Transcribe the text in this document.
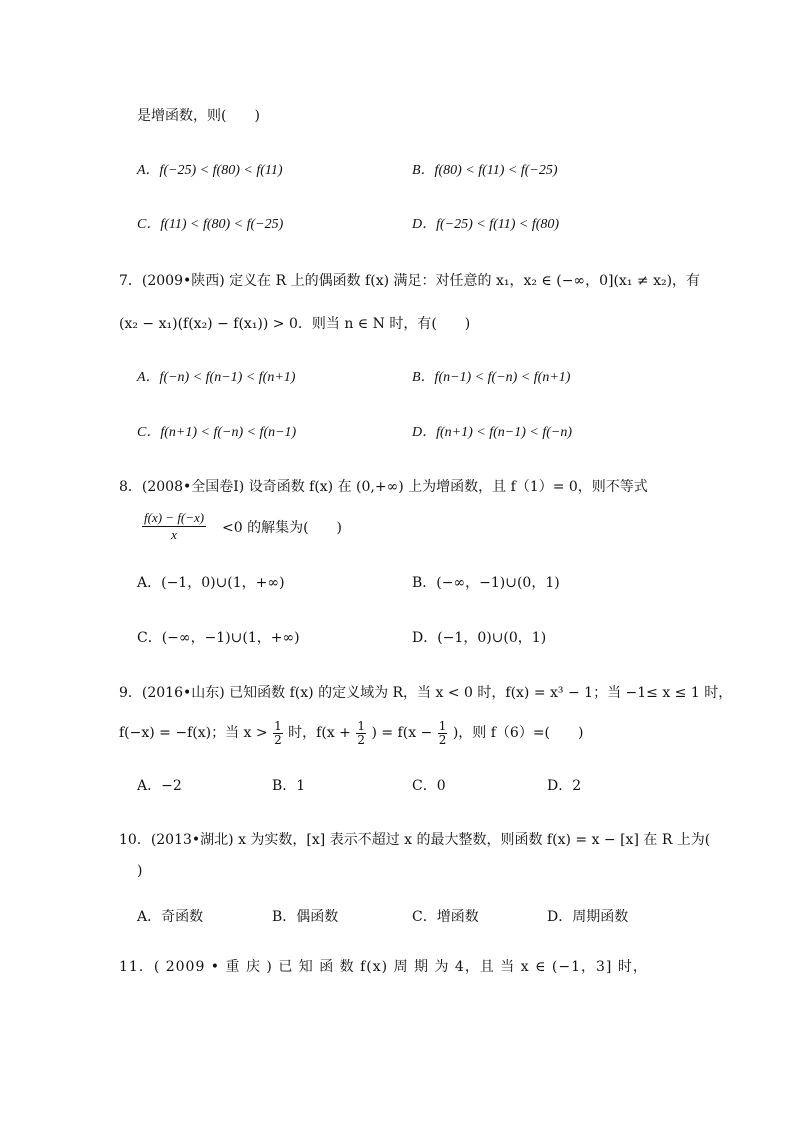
是增函数，则(　　)
A．f(−25) < f(80) < f(11)	B．f(80) < f(11) < f(−25)
C．f(11) < f(80) < f(−25)	D．f(−25) < f(11) < f(80)
7．(2009•陕西) 定义在 R 上的偶函数 f(x) 满足：对任意的 x₁，x₂ ∈ (−∞，0](x₁ ≠ x₂)，有
(x₂ − x₁)(f(x₂) − f(x₁)) > 0．则当 n ∈ N 时，有(　　)
A．f(−n) < f(n−1) < f(n+1)	B．f(n−1) < f(−n) < f(n+1)
C．f(n+1) < f(−n) < f(n−1)	D．f(n+1) < f(n−1) < f(−n)
8．(2008•全国卷Ⅰ) 设奇函数 f(x) 在 (0,+∞) 上为增函数，且 f（1）= 0，则不等式
$\frac{f(x) - f(-x)}{x} <0$ 的解集为(　　)
A．(−1，0)∪(1，+∞)	B．(−∞，−1)∪(0，1)
C．(−∞，−1)∪(1，+∞)	D．(−1，0)∪(0，1)
9．(2016•山东) 已知函数 f(x) 的定义域为 R，当 x < 0 时，f(x) = x³ − 1；当 −1≤ x ≤ 1 时，
f(−x) = −f(x)；当 $x > \frac{1}{2}$ 时，$f(x + \frac{1}{2}$ ) = $f(x - \frac{1}{2}$ )，则 f（6）=(　　)
A．−2	B．1	C．0	D．2
10．(2013•湖北) x 为实数，[x] 表示不超过 x 的最大整数，则函数 f(x) = x − [x] 在 R 上为(
)
A．奇函数	B．偶函数	C．增函数	D．周期函数
11．( 2009 • 重 庆 ) 已 知 函 数 f(x) 周 期 为 4，且 当 x ∈ (−1，3] 时，
